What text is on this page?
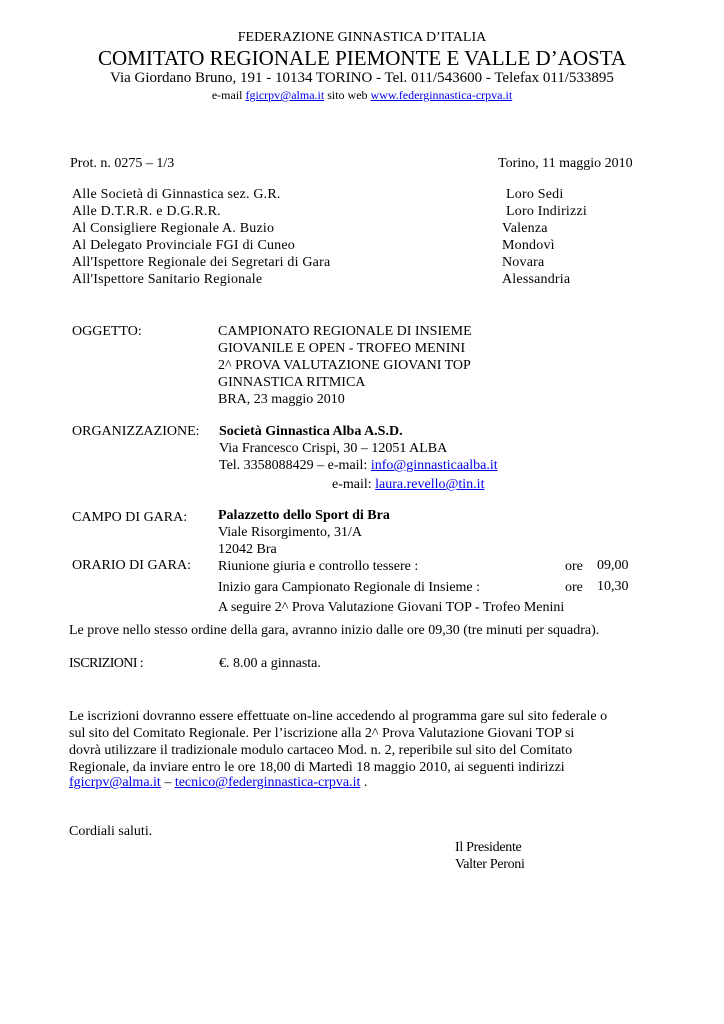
FEDERAZIONE GINNASTICA D’ITALIA
COMITATO REGIONALE PIEMONTE E VALLE D’AOSTA
Via Giordano Bruno, 191 - 10134 TORINO - Tel. 011/543600 - Telefax 011/533895
e-mail fgicrpv@alma.it sito web www.federginnastica-crpva.it
Prot. n. 0275 – 1/3	Torino, 11 maggio 2010
Alle Società di Ginnastica sez. G.R.	Loro Sedi
Alle D.T.R.R. e D.G.R.R.	Loro Indirizzi
Al Consigliere Regionale A. Buzio	Valenza
Al Delegato Provinciale FGI di Cuneo	Mondovì
All'Ispettore Regionale dei Segretari di Gara	Novara
All'Ispettore Sanitario Regionale	Alessandria
OGGETTO:	CAMPIONATO REGIONALE DI INSIEME
GIOVANILE E OPEN - TROFEO MENINI
2^ PROVA VALUTAZIONE GIOVANI TOP
GINNASTICA RITMICA
BRA, 23 maggio 2010
ORGANIZZAZIONE: Società Ginnastica Alba A.S.D.
Via Francesco Crispi, 30 – 12051 ALBA
Tel. 3358088429 – e-mail: info@ginnasticaalba.it
e-mail: laura.revello@tin.it
CAMPO DI GARA: Palazzetto dello Sport di Bra
Viale Risorgimento, 31/A
12042 Bra
ORARIO DI GARA: Riunione giuria e controllo tessere :	ore 09,00
Inizio gara Campionato Regionale di Insieme :	ore 10,30
A seguire 2^ Prova Valutazione Giovani TOP - Trofeo Menini
Le prove nello stesso ordine della gara, avranno inizio dalle ore 09,30 (tre minuti per squadra).
ISCRIZIONI :	€. 8.00 a ginnasta.
Le iscrizioni dovranno essere effettuate on-line accedendo al programma gare sul sito federale o
sul sito del Comitato Regionale. Per l’iscrizione alla 2^ Prova Valutazione Giovani TOP si
dovrà utilizzare il tradizionale modulo cartaceo Mod. n. 2, reperibile sul sito del Comitato
Regionale, da inviare entro le ore 18,00 di Martedì 18 maggio 2010, ai seguenti indirizzi
fgicrpv@alma.it – tecnico@federginnastica-crpva.it .
Cordiali saluti.
Il Presidente
Valter Peroni
